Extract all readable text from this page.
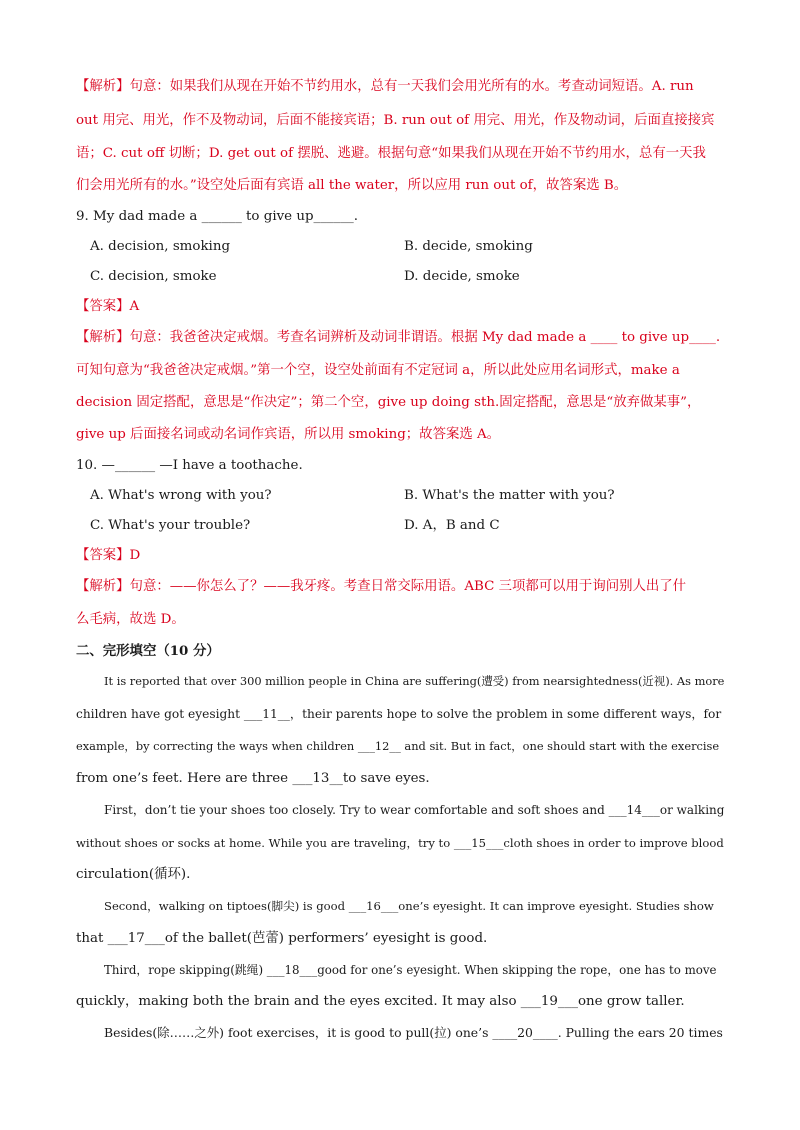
【解析】句意：如果我们从现在开始不节约用水，总有一天我们会用光所有的水。考查动词短语。A. run
out 用完、用光，作不及物动词，后面不能接宾语；B. run out of 用完、用光，作及物动词，后面直接接宾
语；C. cut off 切断；D. get out of 摆脱、逃避。根据句意“如果我们从现在开始不节约用水，总有一天我
们会用光所有的水。”设空处后面有宾语 all the water，所以应用 run out of，故答案选 B。
9. My dad made a ______ to give up______.
A. decision, smoking	B. decide, smoking
C. decision, smoke	D. decide, smoke
【答案】A
【解析】句意：我爸爸决定戒烟。考查名词辨析及动词非谓语。根据 My dad made a ____ to give up____.
可知句意为“我爸爸决定戒烟。”第一个空，设空处前面有不定冠词 a，所以此处应用名词形式，make a
decision 固定搭配，意思是“作决定”；第二个空，give up doing sth.固定搭配，意思是“放弃做某事”，
give up 后面接名词或动名词作宾语，所以用 smoking；故答案选 A。
10. —______ —I have a toothache.
A. What's wrong with you?	B. What's the matter with you?
C. What's your trouble?	D. A，B and C
【答案】D
【解析】句意：——你怎么了？——我牙疼。考查日常交际用语。ABC 三项都可以用于询问别人出了什
么毛病，故选 D。
二、完形填空（10 分）
It is reported that over 300 million people in China are suffering(遭受) from nearsightedness(近视). As more
children have got eyesight ___11__，their parents hope to solve the problem in some different ways，for
example，by correcting the ways when children ___12__ and sit. But in fact，one should start with the exercise
from one’s feet. Here are three ___13__to save eyes.
First，don’t tie your shoes too closely. Try to wear comfortable and soft shoes and ___14___or walking
without shoes or socks at home. While you are traveling，try to ___15___cloth shoes in order to improve blood
circulation(循环).
Second，walking on tiptoes(脚尖) is good ___16___one’s eyesight. It can improve eyesight. Studies show
that ___17___of the ballet(芭蕾) performers’ eyesight is good.
Third，rope skipping(跳绳) ___18___good for one’s eyesight. When skipping the rope，one has to move
quickly，making both the brain and the eyes excited. It may also ___19___one grow taller.
Besides(除……之外) foot exercises，it is good to pull(拉) one’s ____20____. Pulling the ears 20 times
